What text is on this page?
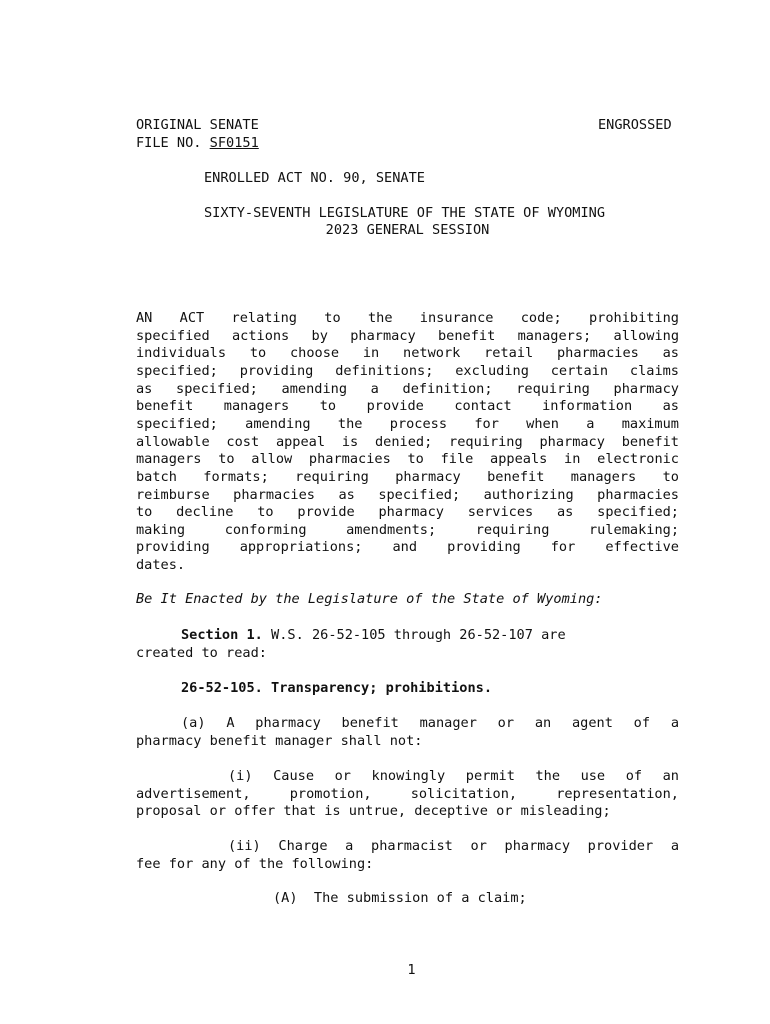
ORIGINAL SENATE	ENGROSSED
FILE NO. SF0151
ENROLLED ACT NO. 90, SENATE
SIXTY-SEVENTH LEGISLATURE OF THE STATE OF WYOMING
2023 GENERAL SESSION
AN ACT relating to the insurance code; prohibiting
specified actions by pharmacy benefit managers; allowing
individuals to choose in network retail pharmacies as
specified; providing definitions; excluding certain claims
as specified; amending a definition; requiring pharmacy
benefit managers to provide contact information as
specified; amending the process for when a maximum
allowable cost appeal is denied; requiring pharmacy benefit
managers to allow pharmacies to file appeals in electronic
batch formats; requiring pharmacy benefit managers to
reimburse pharmacies as specified; authorizing pharmacies
to decline to provide pharmacy services as specified;
making conforming amendments; requiring rulemaking;
providing appropriations; and providing for effective
dates.
Be It Enacted by the Legislature of the State of Wyoming:
Section 1. W.S. 26-52-105 through 26-52-107 are
created to read:
26-52-105. Transparency; prohibitions.
(a) A pharmacy benefit manager or an agent of a
pharmacy benefit manager shall not:
(i) Cause or knowingly permit the use of an
advertisement, promotion, solicitation, representation,
proposal or offer that is untrue, deceptive or misleading;
(ii) Charge a pharmacist or pharmacy provider a
fee for any of the following:
(A)  The submission of a claim;
1
